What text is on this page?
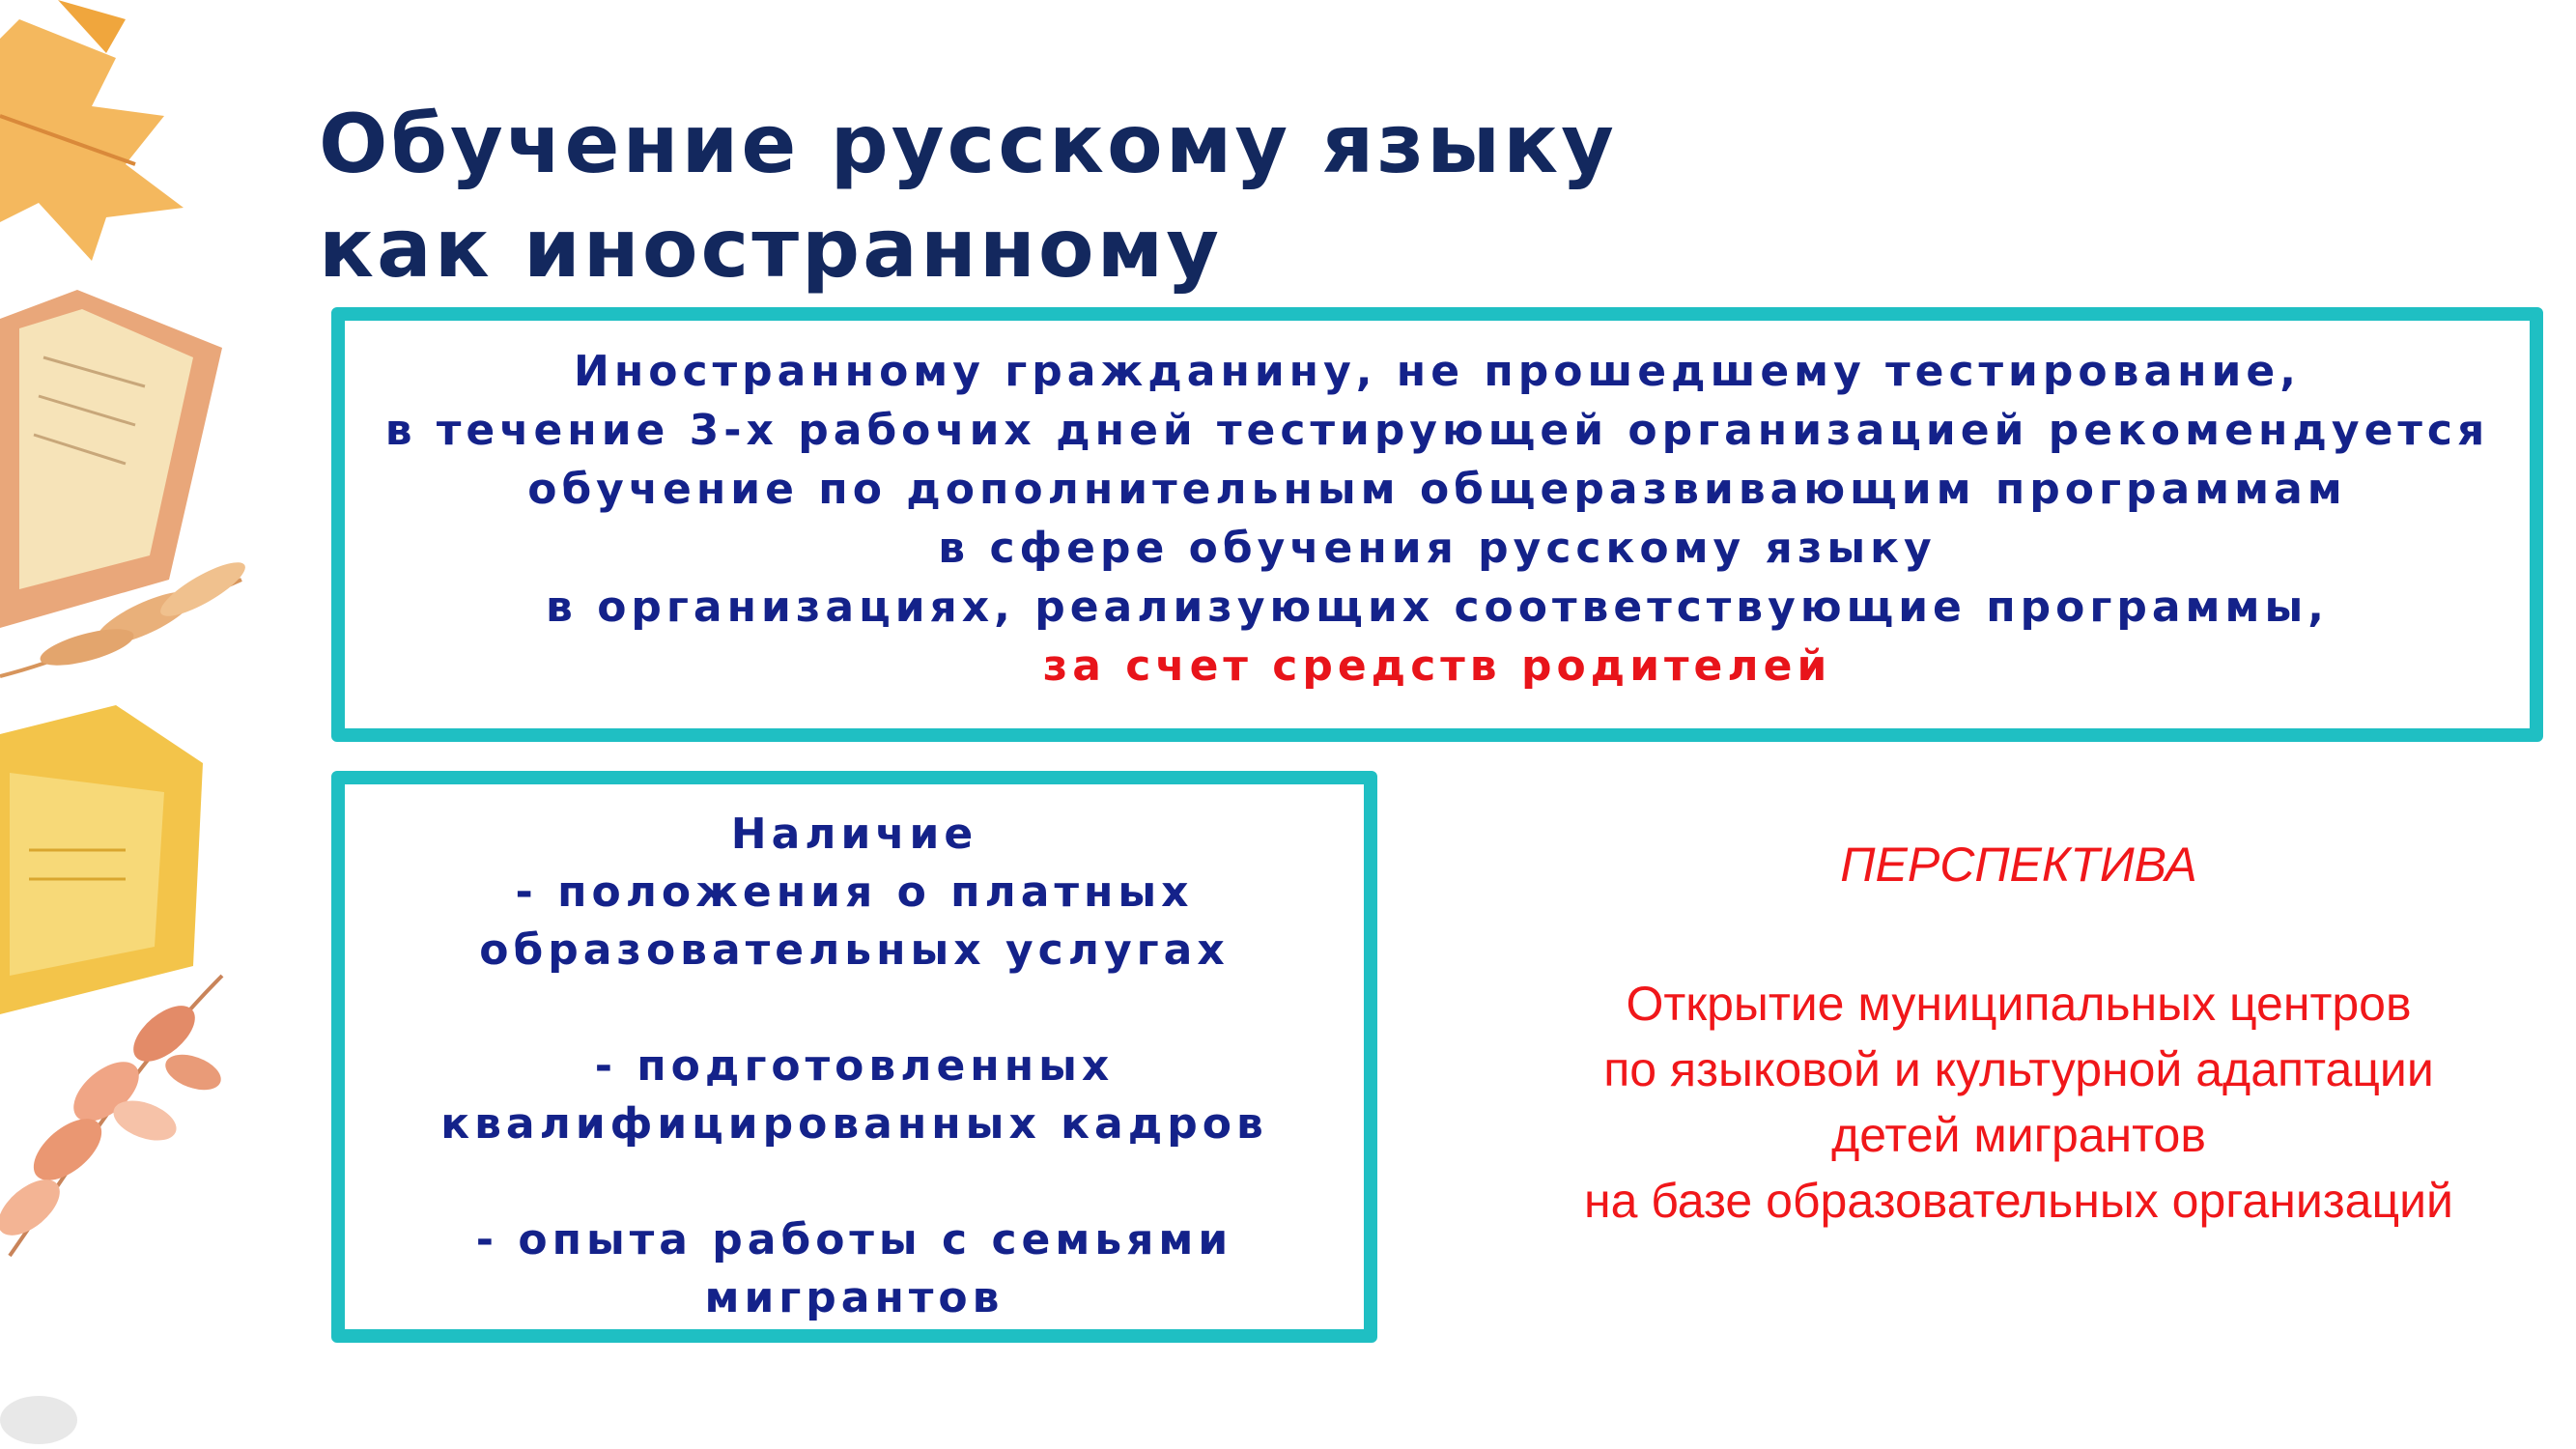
Обучение русскому языку
как иностранному
Иностранному гражданину, не прошедшему тестирование,
в течение 3-х рабочих дней тестирующей организацией рекомендуется
обучение по дополнительным общеразвивающим программам
в сфере обучения русскому языку
в организациях, реализующих соответствующие программы,
за счет средств родителей
Наличие
- положения о платных
образовательных услугах
- подготовленных
квалифицированных кадров
- опыта работы с семьями
мигрантов
ПЕРСПЕКТИВА
Открытие муниципальных центров
по языковой и культурной адаптации
детей мигрантов
на базе образовательных организаций
